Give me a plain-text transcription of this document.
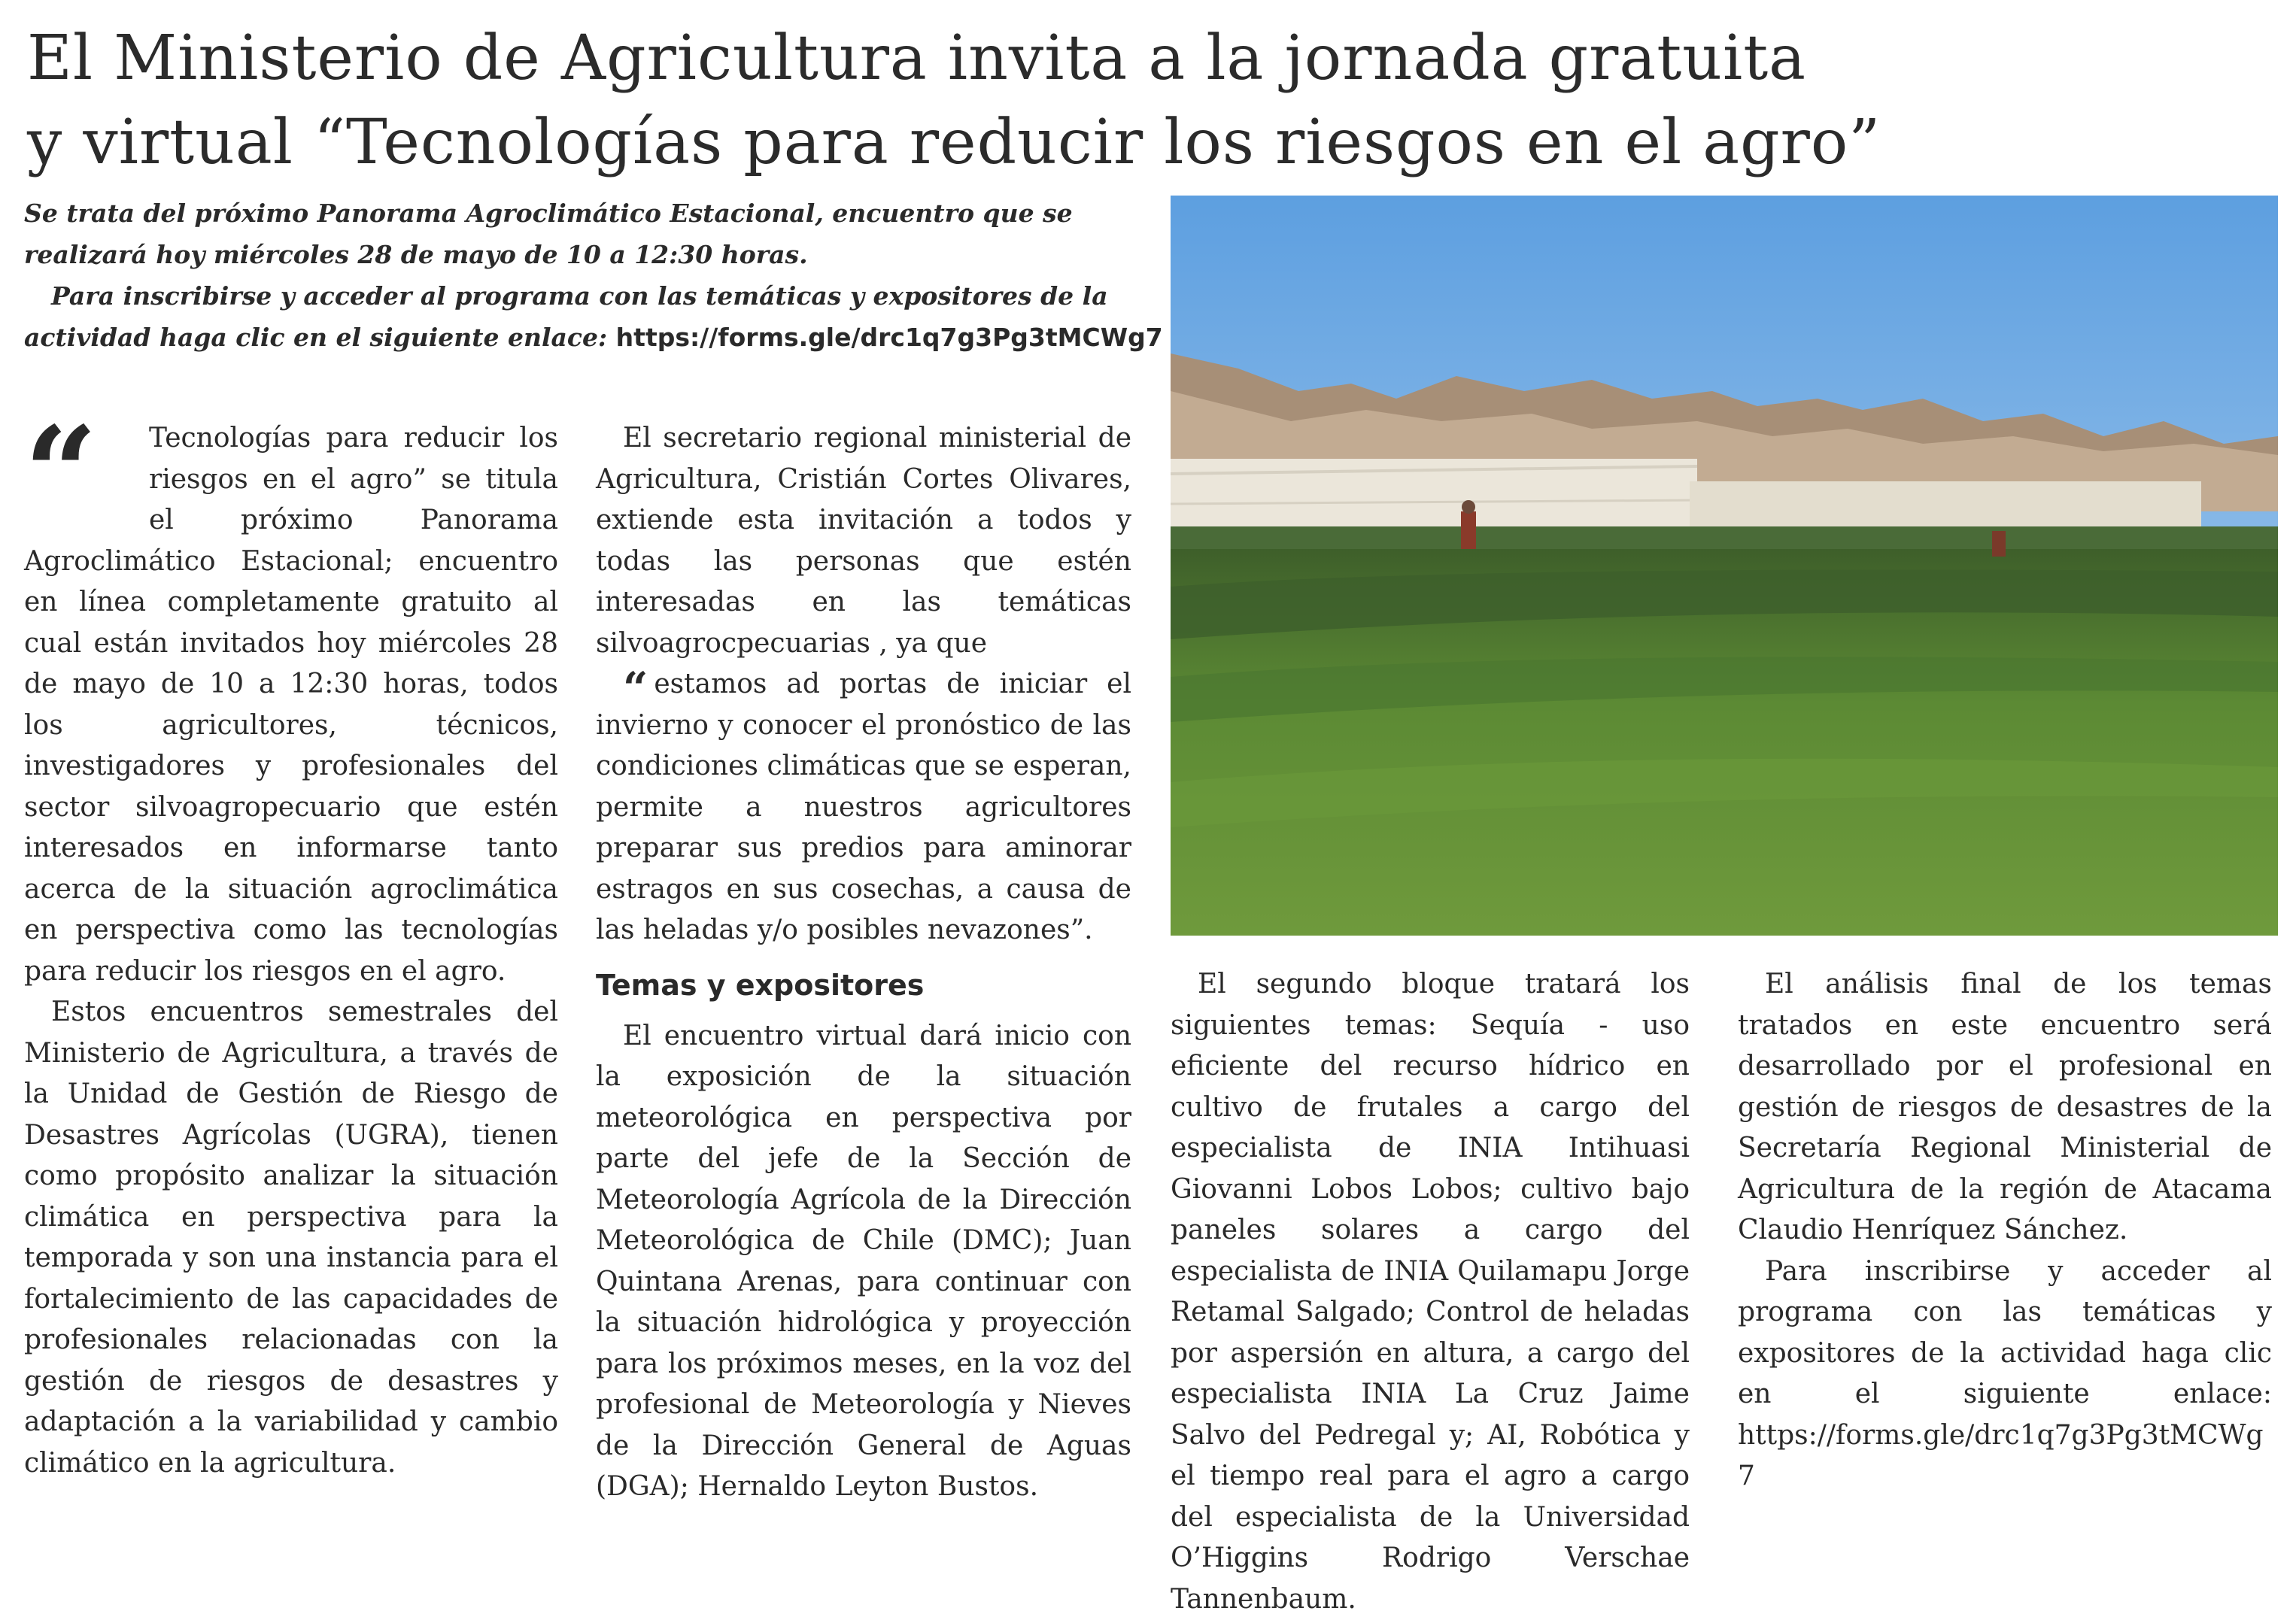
El Ministerio de Agricultura invita a la jornada gratuita
y virtual “Tecnologías para reducir los riesgos en el agro”

Se trata del próximo Panorama Agroclimático Estacional, encuentro que se realizará hoy miércoles 28 de mayo de 10 a 12:30 horas.

Para inscribirse y acceder al programa con las temáticas y expositores de la actividad haga clic en el siguiente enlace: https://forms.gle/drc1q7g3Pg3tMCWg7

“	Tecnologías para reducir los riesgos en el agro” se titula el próximo Panorama Agroclimático Estacional; encuentro en línea completamente gratuito al cual están invitados hoy miércoles 28 de mayo de 10 a 12:30 horas, todos los agricultores, técnicos, investigadores y profesionales del sector silvoagropecuario que estén interesados en informarse tanto acerca de la situación agroclimática en perspectiva como las tecnologías para reducir los riesgos en el agro.

Estos encuentros semestrales del Ministerio de Agricultura, a través de la Unidad de Gestión de Riesgo de Desastres Agrícolas (UGRA), tienen como propósito analizar la situación climática en perspectiva para la temporada y son una instancia para el fortalecimiento de las capacidades de profesionales relacionadas con la gestión de riesgos de desastres y adaptación a la variabilidad y cambio climático en la agricultura.

El secretario regional ministerial de Agricultura, Cristián Cortes Olivares, extiende esta invitación a todos y todas las personas que estén interesadas en las temáticas silvoagrocpecuarias , ya que

“ estamos ad portas de iniciar el invierno y conocer el pronóstico de las condiciones climáticas que se esperan, permite a nuestros agricultores preparar sus predios para aminorar estragos en sus cosechas, a causa de las heladas y/o posibles nevazones”.

Temas y expositores

El encuentro virtual dará inicio con la exposición de la situación meteorológica en perspectiva por parte del jefe de la Sección de Meteorología Agrícola de la Dirección Meteorológica de Chile (DMC); Juan Quintana Arenas, para continuar con la situación hidrológica y proyección para los próximos meses, en la voz del profesional de Meteorología y Nieves de la Dirección General de Aguas (DGA); Hernaldo Leyton Bustos.

El segundo bloque tratará los siguientes temas: Sequía - uso eficiente del recurso hídrico en cultivo de frutales a cargo del especialista de INIA Intihuasi Giovanni Lobos Lobos; cultivo bajo paneles solares a cargo del especialista de INIA Quilamapu Jorge Retamal Salgado; Control de heladas por aspersión en altura, a cargo del especialista INIA La Cruz Jaime Salvo del Pedregal y; AI, Robótica y el tiempo real para el agro a cargo del especialista de la Universidad O’Higgins Rodrigo Verschae Tannenbaum.

El análisis final de los temas tratados en este encuentro será desarrollado por el profesional en gestión de riesgos de desastres de la Secretaría Regional Ministerial de Agricultura de la región de Atacama Claudio Henríquez Sánchez.

Para inscribirse y acceder al programa con las temáticas y expositores de la actividad haga clic en el siguiente enlace: https://forms.gle/drc1q7g3Pg3tMCWg7
